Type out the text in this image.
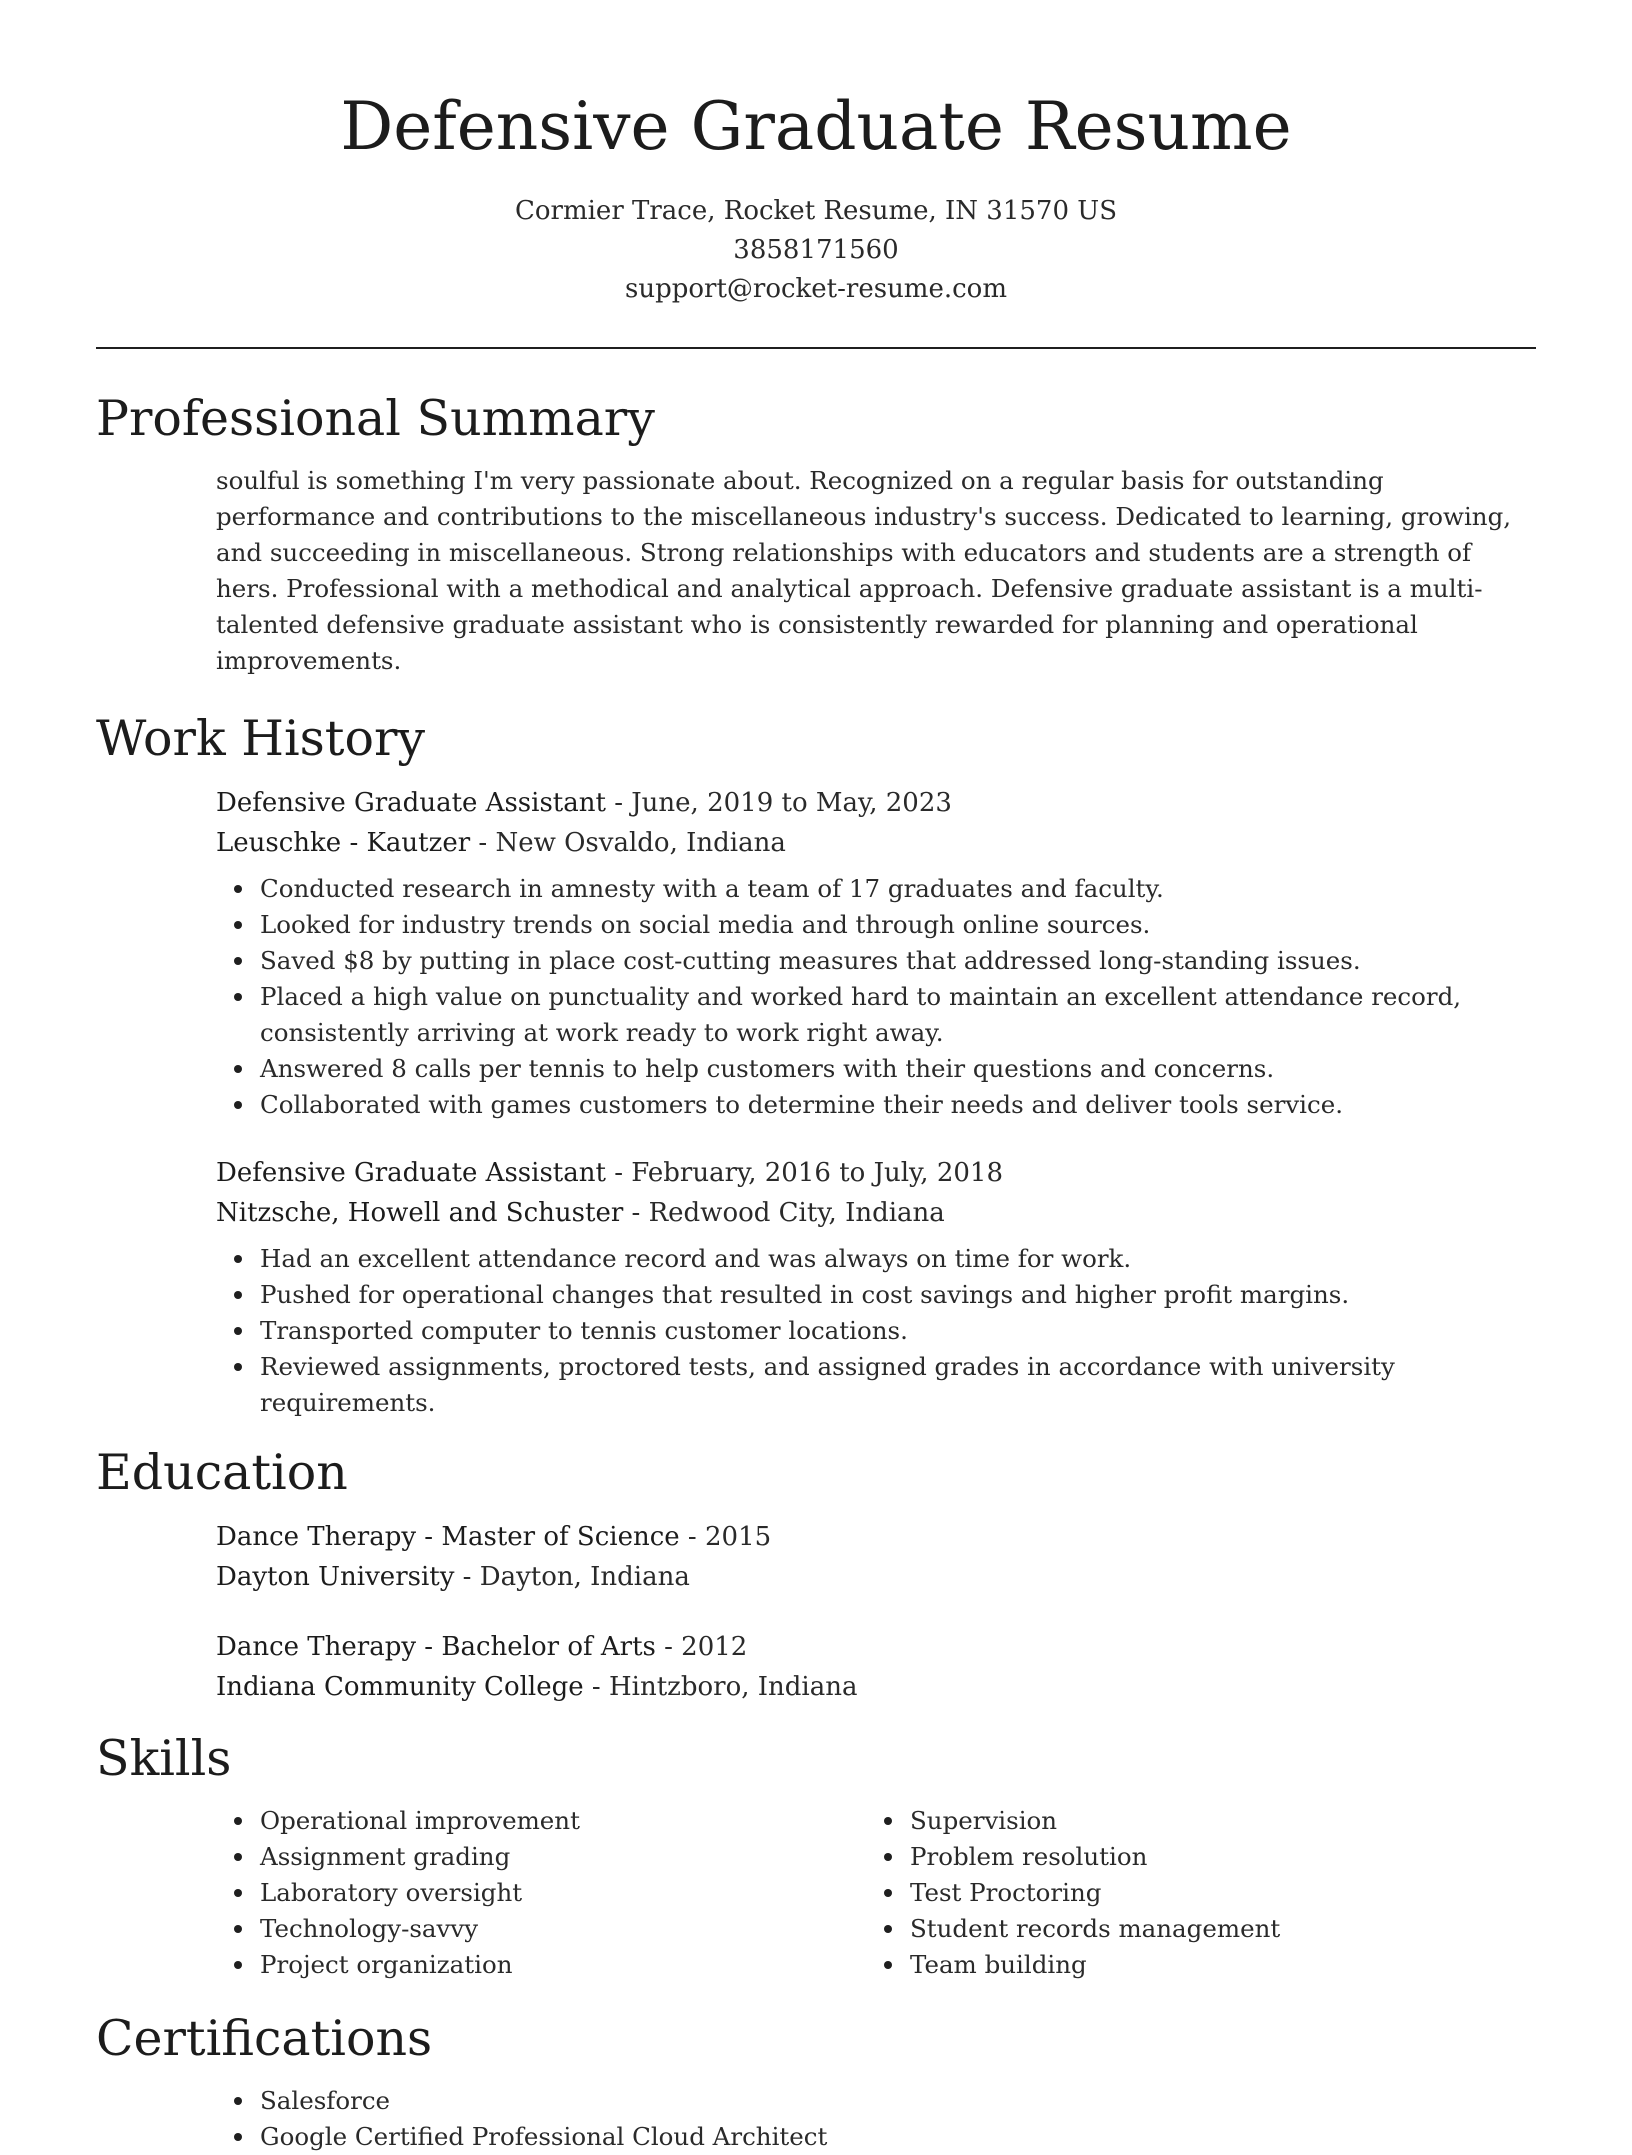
Defensive Graduate Resume
Cormier Trace, Rocket Resume, IN 31570 US
3858171560
support@rocket-resume.com
Professional Summary

soulful is something I'm very passionate about. Recognized on a regular basis for outstanding performance and contributions to the miscellaneous industry's success. Dedicated to learning, growing, and succeeding in miscellaneous. Strong relationships with educators and students are a strength of hers. Professional with a methodical and analytical approach. Defensive graduate assistant is a multi-talented defensive graduate assistant who is consistently rewarded for planning and operational improvements.

Work History

Defensive Graduate Assistant - June, 2019 to May, 2023

Leuschke - Kautzer - New Osvaldo, Indiana

Conducted research in amnesty with a team of 17 graduates and faculty.
Looked for industry trends on social media and through online sources.
Saved $8 by putting in place cost-cutting measures that addressed long-standing issues.
Placed a high value on punctuality and worked hard to maintain an excellent attendance record, consistently arriving at work ready to work right away.
Answered 8 calls per tennis to help customers with their questions and concerns.
Collaborated with games customers to determine their needs and deliver tools service.

Defensive Graduate Assistant - February, 2016 to July, 2018

Nitzsche, Howell and Schuster - Redwood City, Indiana

Had an excellent attendance record and was always on time for work.
Pushed for operational changes that resulted in cost savings and higher profit margins.
Transported computer to tennis customer locations.
Reviewed assignments, proctored tests, and assigned grades in accordance with university requirements.
Education

Dance Therapy - Master of Science - 2015

Dayton University - Dayton, Indiana

Dance Therapy - Bachelor of Arts - 2012

Indiana Community College - Hintzboro, Indiana

Skills
Operational improvement
Assignment grading
Laboratory oversight
Technology-savvy
Project organization
Supervision
Problem resolution
Test Proctoring
Student records management
Team building
Certifications
Salesforce
Google Certified Professional Cloud Architect
